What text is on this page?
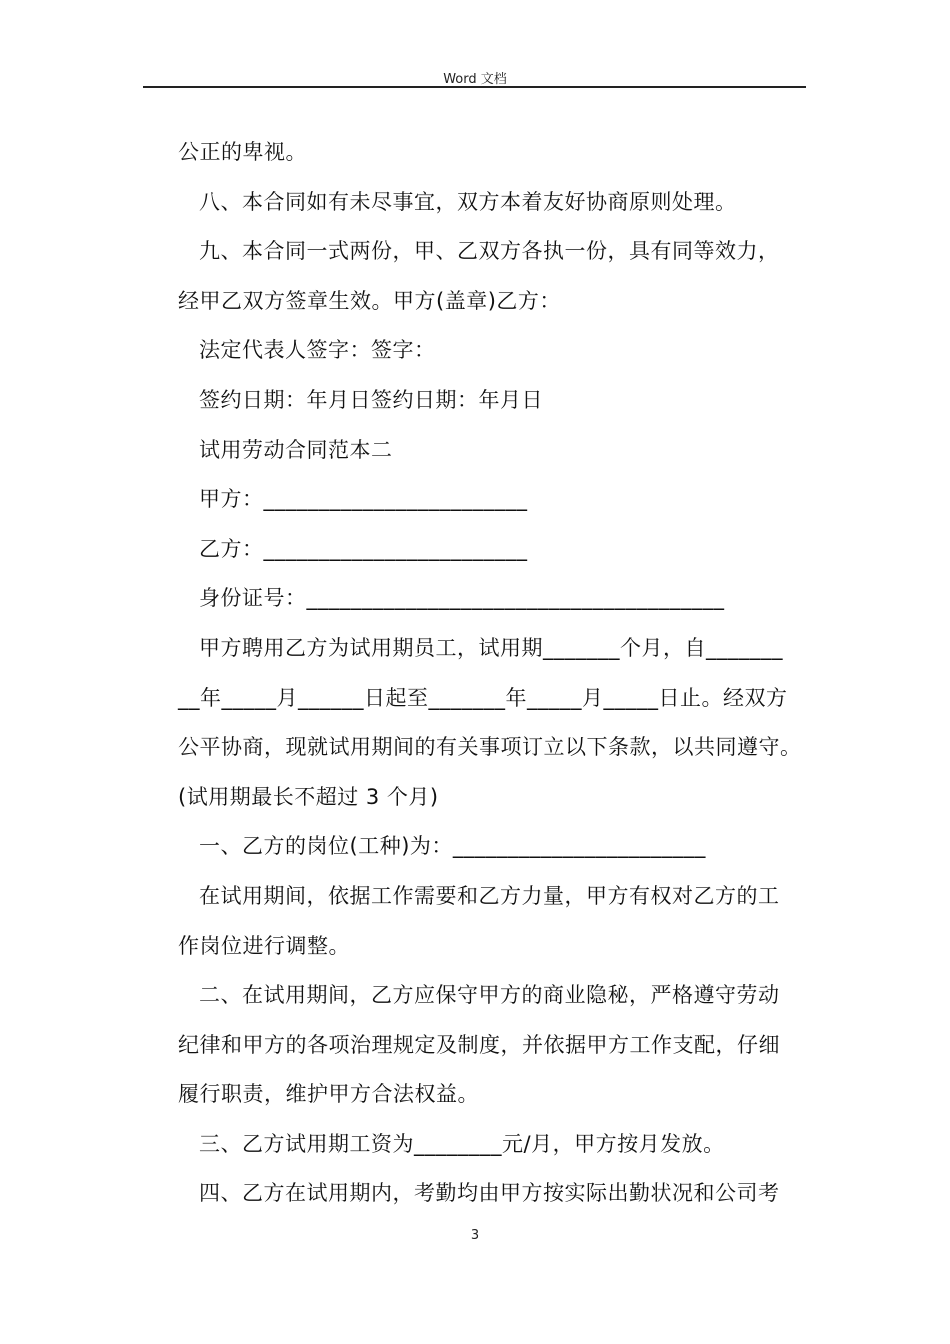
Word 文档
公正的卑视。
八、本合同如有未尽事宜，双方本着友好协商原则处理。
九、本合同一式两份，甲、乙双方各执一份，具有同等效力，
经甲乙双方签章生效。甲方(盖章)乙方：
法定代表人签字：签字：
签约日期：年月日签约日期：年月日
试用劳动合同范本二
甲方：________________________
乙方：________________________
身份证号：______________________________________
甲方聘用乙方为试用期员工，试用期_______个月，自_______
__年_____月______日起至_______年_____月_____日止。经双方
公平协商，现就试用期间的有关事项订立以下条款，以共同遵守。
(试用期最长不超过 3 个月)
一、乙方的岗位(工种)为：_______________________
在试用期间，依据工作需要和乙方力量，甲方有权对乙方的工
作岗位进行调整。
二、在试用期间，乙方应保守甲方的商业隐秘，严格遵守劳动
纪律和甲方的各项治理规定及制度，并依据甲方工作支配，仔细
履行职责，维护甲方合法权益。
三、乙方试用期工资为________元/月，甲方按月发放。
四、乙方在试用期内，考勤均由甲方按实际出勤状况和公司考
3
